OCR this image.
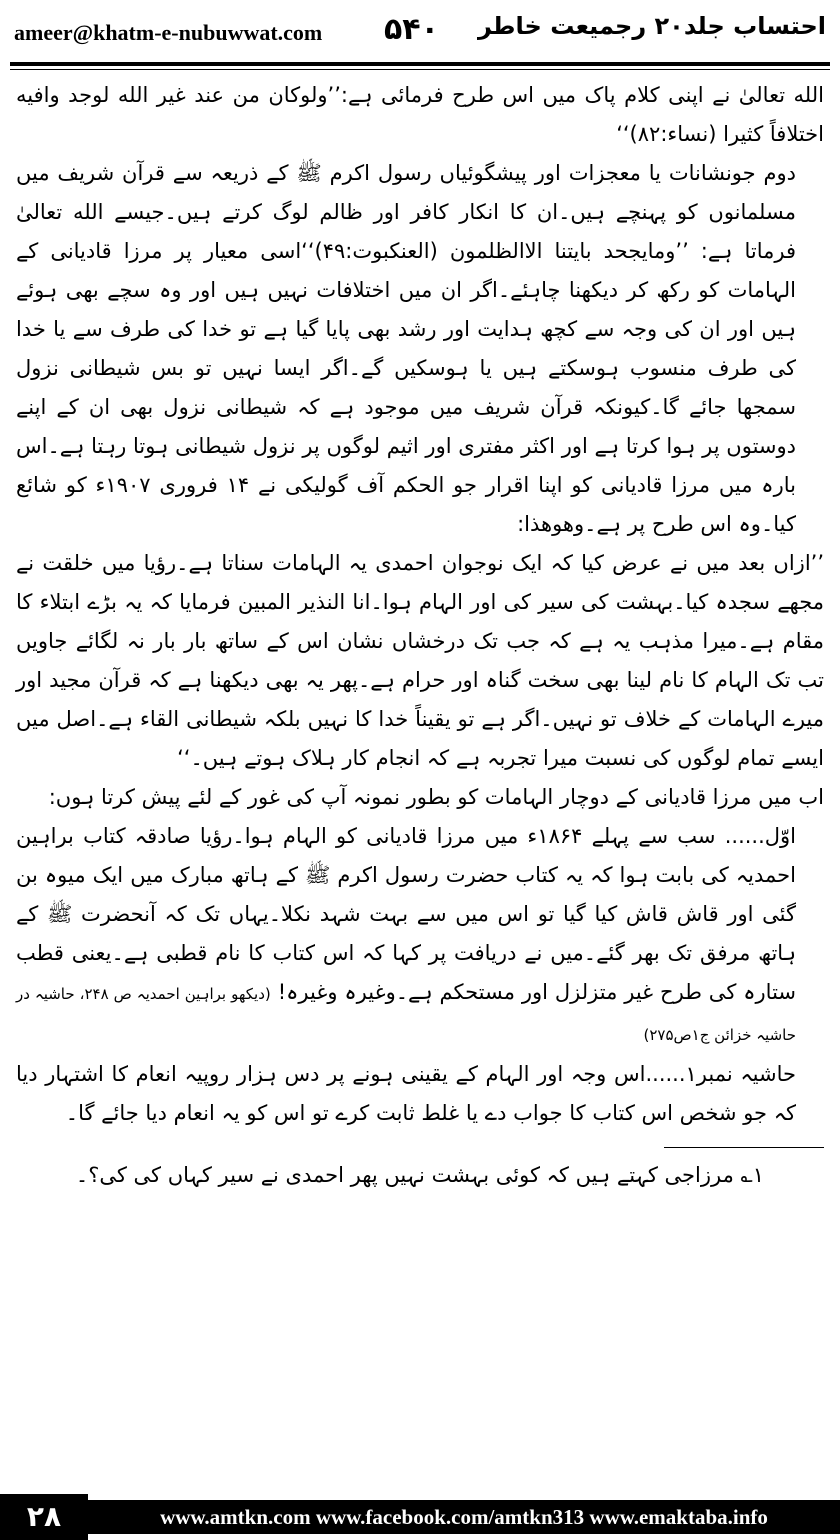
ameer@khatm-e-nubuwwat.com ۵۴۰ احتساب جلد۲۰ رجمیعت خاطر

الله تعالیٰ نے اپنی کلام پاک میں اس طرح فرمائی ہے:’’ولوکان من عند غیر الله لوجد وافیه اختلافاً کثیرا (نساء:۸۲)‘‘

دوم جونشانات یا معجزات اور پیشگوئیاں رسول اکرم ﷺ کے ذریعہ سے قرآن شریف میں مسلمانوں کو پہنچے ہیں۔ان کا انکار کافر اور ظالم لوگ کرتے ہیں۔جیسے الله تعالیٰ فرماتا ہے: ’’ومایجحد بایتنا الاالظلمون (العنکبوت:۴۹)‘‘اسی معیار پر مرزا قادیانی کے الہامات کو رکھ کر دیکھنا چاہئے۔اگر ان میں اختلافات نہیں ہیں اور وہ سچے بھی ہوئے ہیں اور ان کی وجہ سے کچھ ہدایت اور رشد بھی پایا گیا ہے تو خدا کی طرف سے یا خدا کی طرف منسوب ہوسکتے ہیں یا ہوسکیں گے۔اگر ایسا نہیں تو بس شیطانی نزول سمجھا جائے گا۔کیونکہ قرآن شریف میں موجود ہے کہ شیطانی نزول بھی ان کے اپنے دوستوں پر ہوا کرتا ہے اور اکثر مفتری اور اثیم لوگوں پر نزول شیطانی ہوتا رہتا ہے۔اس بارہ میں مرزا قادیانی کو اپنا اقرار جو الحکم آف گولیکی نے ۱۴ فروری ۱۹۰۷ء کو شائع کیا۔وہ اس طرح پر ہے۔وھوھذا:

’’ازاں بعد میں نے عرض کیا کہ ایک نوجوان احمدی یہ الہامات سناتا ہے۔رؤیا میں خلقت نے مجھے سجدہ کیا۔بہشت کی سیر کی اور الہام ہوا۔انا النذیر المبین فرمایا کہ یہ بڑے ابتلاء کا مقام ہے۔میرا مذہب یہ ہے کہ جب تک درخشاں نشان اس کے ساتھ بار بار نہ لگائے جاویں تب تک الہام کا نام لینا بھی سخت گناہ اور حرام ہے۔پھر یہ بھی دیکھنا ہے کہ قرآن مجید اور میرے الہامات کے خلاف تو نہیں۔اگر ہے تو یقیناً خدا کا نہیں بلکہ شیطانی القاء ہے۔اصل میں ایسے تمام لوگوں کی نسبت میرا تجربہ ہے کہ انجام کار ہلاک ہوتے ہیں۔‘‘

اب میں مرزا قادیانی کے دوچار الہامات کو بطور نمونہ آپ کی غور کے لئے پیش کرتا ہوں:

اوّل...... سب سے پہلے ۱۸۶۴ء میں مرزا قادیانی کو الہام ہوا۔رؤیا صادقہ کتاب براہین احمدیہ کی بابت ہوا کہ یہ کتاب حضرت رسول اکرم ﷺ کے ہاتھ مبارک میں ایک میوہ بن گئی اور قاش قاش کیا گیا تو اس میں سے بہت شہد نکلا۔یہاں تک کہ آنحضرت ﷺ کے ہاتھ مرفق تک بھر گئے۔میں نے دریافت پر کہا کہ اس کتاب کا نام قطبی ہے۔یعنی قطب ستارہ کی طرح غیر متزلزل اور مستحکم ہے۔وغیرہ وغیرہ! (دیکھو براہین احمدیہ ص ۲۴۸، حاشیہ در حاشیہ خزائن ج۱ص۲۷۵)

حاشیہ نمبر۱......اس وجہ اور الہام کے یقینی ہونے پر دس ہزار روپیہ انعام کا اشتہار دیا کہ جو شخص اس کتاب کا جواب دے یا غلط ثابت کرے تو اس کو یہ انعام دیا جائے گا۔

۱؎ مرزاجی کہتے ہیں کہ کوئی بہشت نہیں پھر احمدی نے سیر کہاں کی کی؟۔

۲۸	www.amtkn.com www.facebook.com/amtkn313 www.emaktaba.info
